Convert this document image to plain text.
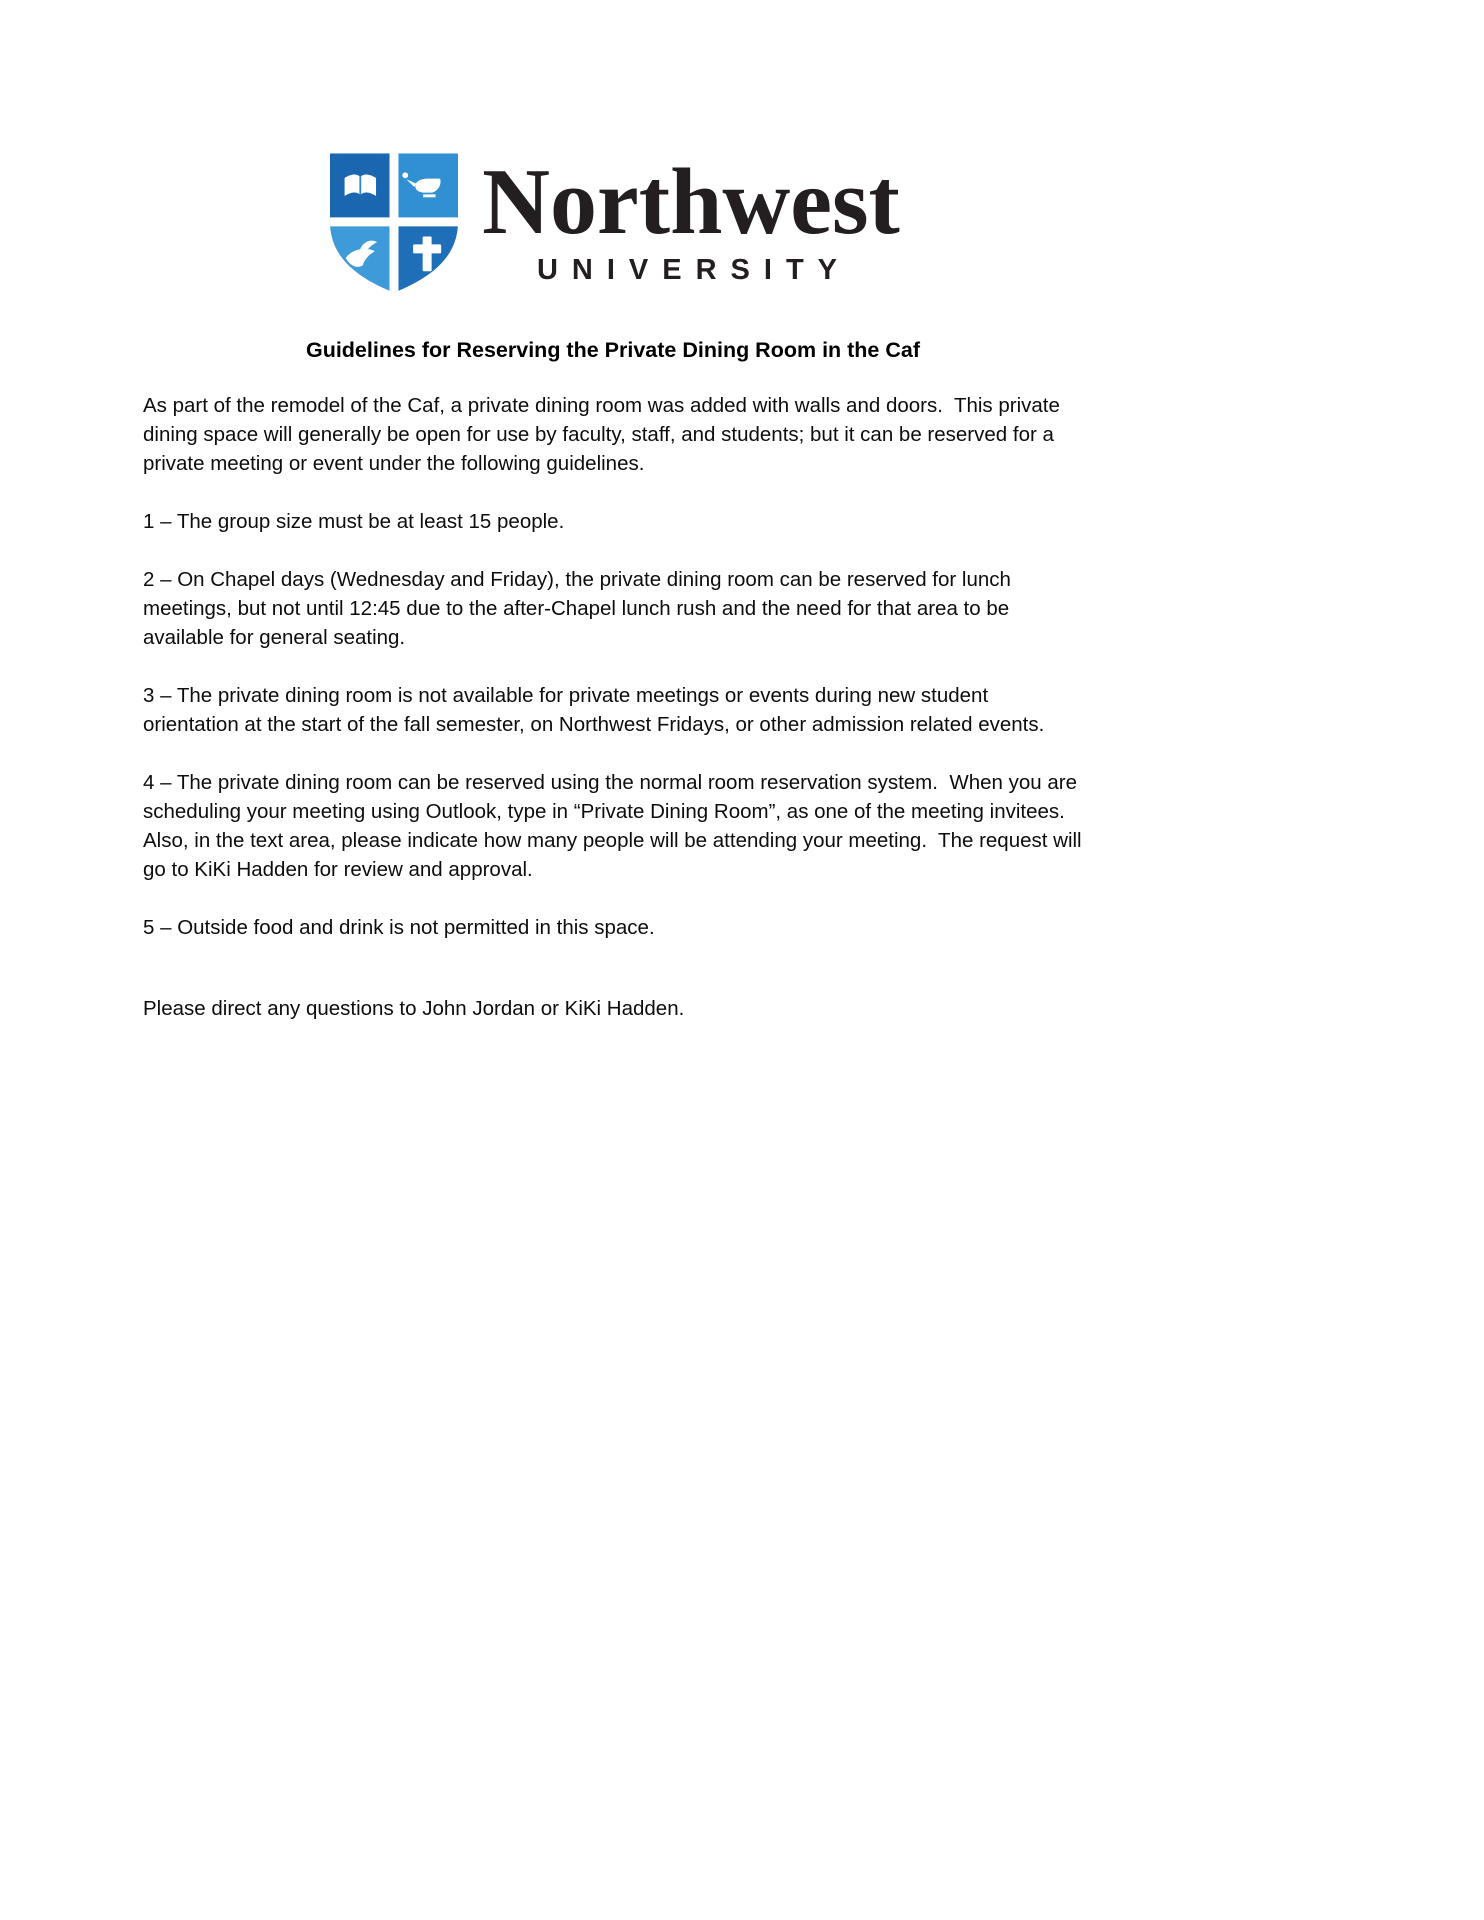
Northwest
UNIVERSITY
Guidelines for Reserving the Private Dining Room in the Caf

As part of the remodel of the Caf, a private dining room was added with walls and doors.  This private dining space will generally be open for use by faculty, staff, and students; but it can be reserved for a private meeting or event under the following guidelines.

1 – The group size must be at least 15 people.

2 – On Chapel days (Wednesday and Friday), the private dining room can be reserved for lunch meetings, but not until 12:45 due to the after-Chapel lunch rush and the need for that area to be available for general seating.

3 – The private dining room is not available for private meetings or events during new student orientation at the start of the fall semester, on Northwest Fridays, or other admission related events.

4 – The private dining room can be reserved using the normal room reservation system.  When you are scheduling your meeting using Outlook, type in “Private Dining Room”, as one of the meeting invitees.  Also, in the text area, please indicate how many people will be attending your meeting.  The request will go to KiKi Hadden for review and approval.

5 – Outside food and drink is not permitted in this space.

Please direct any questions to John Jordan or KiKi Hadden.
